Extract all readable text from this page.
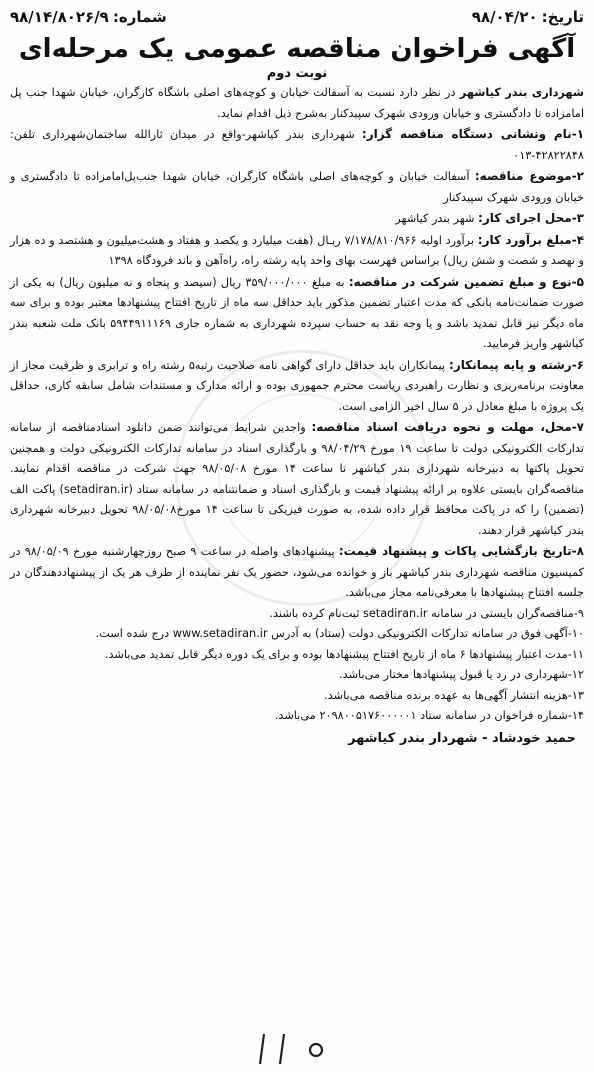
تاریخ:۹۸/۰۴/۲۰
شماره:۹۸/۱۴/۸۰۲۶/۹
آگهی فراخوان مناقصه عمومی یک مرحله‌ای
نوبت دوم

شهرداری بندر کیاشهر در نظر دارد نسبت به آسفالت خیابان و کوچه‌های اصلی باشگاه کارگران، خیابان شهدا جنب پل امامزاده تا دادگستری و خیابان ورودی شهرک سپیدکنار به‌شرح ذیل اقدام نماید.

۱-نام ونشانی دستگاه مناقصه گزار: شهرداری بندر کیاشهر-واقع در میدان ثارالله ساختمان‌شهرداری تلفن: ۴۲۸۲۲۸۴۸-۰۱۳

۲-موضوع مناقصه: آسفالت خیابان و کوچه‌های اصلی باشگاه کارگران، خیابان شهدا جنب‌پل‌امامزاده تا دادگستری و خیابان ورودی شهرک سپیدکنار

۳-محل اجرای کار: شهر بندر کیاشهر

۴-مبلغ برآورد کار: برآورد اولیه ۷/۱۷۸/۸۱۰/۹۶۶ ریـال (هفت میلیارد و یکصد و هفتاد و هشت‌میلیون و هشتصد و ده هزار و نهصد و شصت و شش ریال) براساس فهرست بهای واحد پایه رشته راه، راه‌آهن و باند فرودگاه ۱۳۹۸

۵-نوع و مبلغ تضمین شرکت در مناقصه: به مبلغ ۳۵۹/۰۰۰/۰۰۰ ریال (سیصد و پنجاه و نه میلیون ریال) به یکی از صورت ضمانت‌نامه بانکی که مدت اعتبار تضمین مذکور باید حداقل سه ماه از تاریخ افتتاح پیشنهادها معتبر بوده و برای سه ماه دیگر نیز قابل تمدید باشد و یا وجه نقد به حساب سپرده شهرداری به شماره جاری ۵۹۴۴۹۱۱۱۶۹ بانک ملت شعبه بندر کیاشهر واریز فرمایید.

۶-رشته و پایه پیمانکار: پیمانکاران باید حداقل دارای گواهی نامه صلاحیت رتبه۵ رشته راه و ترابری و ظرفیت مجاز از معاونت برنامه‌ریزی و نظارت راهبردی ریاست محترم جمهوری بوده و ارائه مدارک و مستندات شامل سابقه کاری، حداقل یک پروژه با مبلغ معادل در ۵ سال اخیر الزامی است.

۷-محل، مهلت و نحوه دریافت اسناد مناقصه: واجدین شرایط می‌توانند ضمن دانلود اسنادمناقصه از سامانه تدارکات الکترونیکی دولت تا ساعت ۱۹ مورخ ۹۸/۰۴/۲۹ و بارگذاری اسناد در سامانه تدارکات الکترونیکی دولت و همچنین تحویل پاکتها به دبیرخانه شهرداری بندر کیاشهر تا ساعت ۱۴ مورخ ۹۸/۰۵/۰۸ جهت شرکت در مناقصه اقدام نمایند. مناقصه‌گران بایستی علاوه بر ارائه پیشنهاد قیمت و بارگذاری اسناد و ضمانتنامه در سامانه ستاد (setadiran.ir) پاکت الف (تضمین) را که در پاکت محافظ قرار داده شده، به صورت فیزیکی تا ساعت ۱۴ مورخ۹۸/۰۵/۰۸ تحویل دبیرخانه شهرداری بندر کیاشهر قرار دهند.

۸-تاریخ بازگشایی پاکات و پیشنهاد قیمت: پیشنهادهای واصله در ساعت ۹ صبح روزچهارشنبه مورخ ۹۸/۰۵/۰۹ در کمیسیون مناقصه شهرداری بندر کیاشهر باز و خوانده می‌شود، حضور یک نفر نماینده از طرف هر یک از پیشنهاددهندگان در جلسه افتتاح پیشنهادها با معرفی‌نامه مجاز می‌باشد.

۹-مناقصه‌گران بایستی در سامانه setadiran.ir ثبت‌نام کرده باشند.

۱۰-آگهی فوق در سامانه تدارکات الکترونیکی دولت (ستاد) به آدرس www.setadiran.ir درج شده است.

۱۱-مدت اعتبار پیشنهادها ۶ ماه از تاریخ افتتاح پیشنهادها بوده و برای یک دوره دیگر قابل تمدید می‌باشد.

۱۲-شهرداری در رد یا قبول پیشنهادها مختار می‌باشد.

۱۳-هزینه انتشار آگهی‌ها به عهده برنده مناقصه می‌باشد.

۱۴-شماره فراخوان در سامانه ستاد ۲۰۹۸۰۰۵۱۷۶۰۰۰۰۰۱ می‌باشد.

حمید خودشاد - شهردار بندر کیاشهر
